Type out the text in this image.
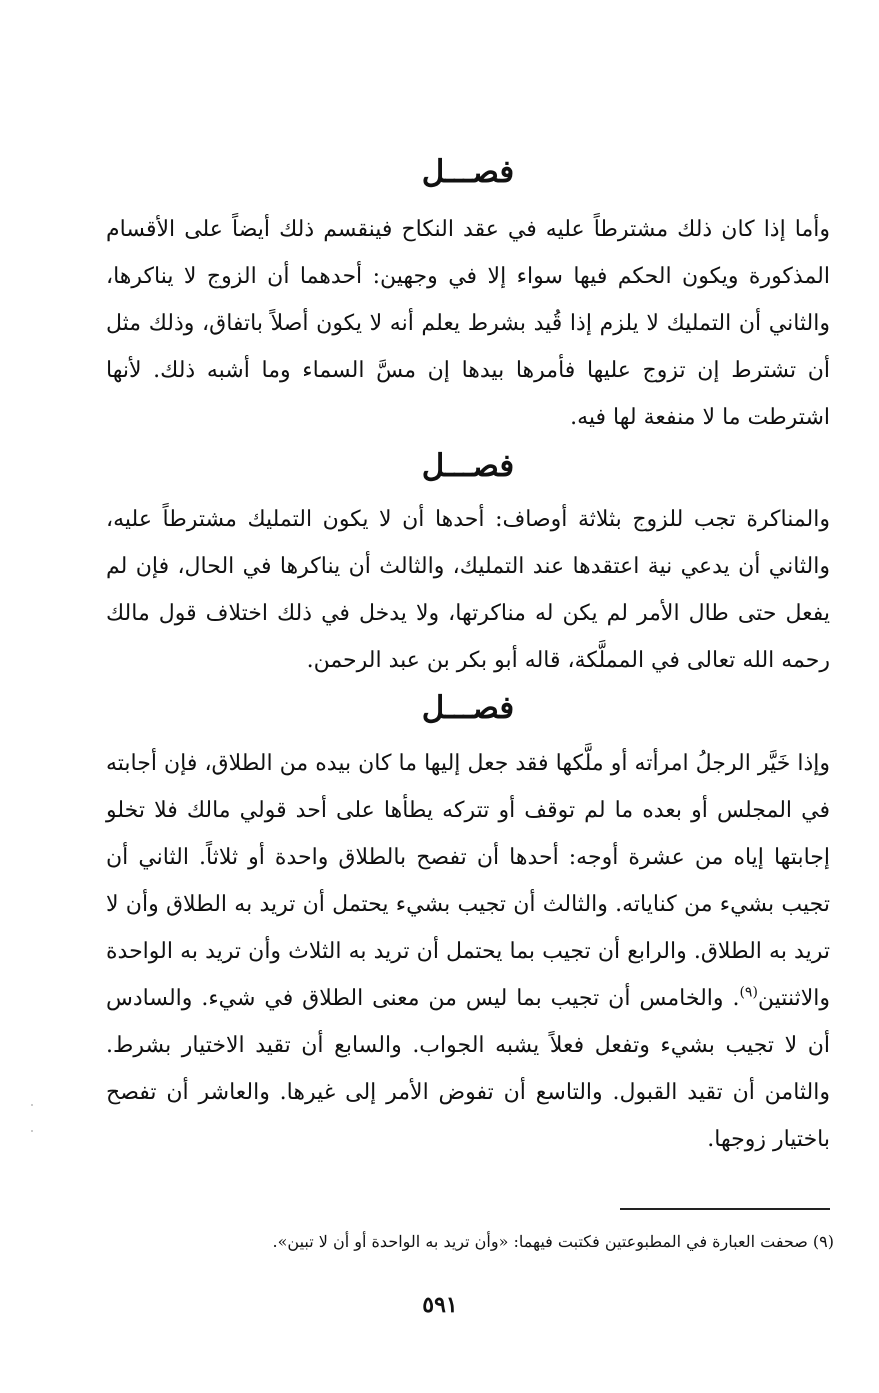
فصـــل

وأما إذا كان ذلك مشترطاً عليه في عقد النكاح فينقسم ذلك أيضاً على الأقسام المذكورة ويكون الحكم فيها سواء إلا في وجهين: أحدهما أن الزوج لا يناكرها، والثاني أن التمليك لا يلزم إذا قُيد بشرط يعلم أنه لا يكون أصلاً باتفاق، وذلك مثل أن تشترط إن تزوج عليها فأمرها بيدها إن مسَّ السماء وما أشبه ذلك. لأنها اشترطت ما لا منفعة لها فيه.

فصـــل

والمناكرة تجب للزوج بثلاثة أوصاف: أحدها أن لا يكون التمليك مشترطاً عليه، والثاني أن يدعي نية اعتقدها عند التمليك، والثالث أن يناكرها في الحال، فإن لم يفعل حتى طال الأمر لم يكن له مناكرتها، ولا يدخل في ذلك اختلاف قول مالك رحمه الله تعالى في المملَّكة، قاله أبو بكر بن عبد الرحمن.

فصـــل

وإذا خَيَّر الرجلُ امرأته أو ملَّكها فقد جعل إليها ما كان بيده من الطلاق، فإن أجابته في المجلس أو بعده ما لم توقف أو تتركه يطأها على أحد قولي مالك فلا تخلو إجابتها إياه من عشرة أوجه: أحدها أن تفصح بالطلاق واحدة أو ثلاثاً. الثاني أن تجيب بشيء من كناياته. والثالث أن تجيب بشيء يحتمل أن تريد به الطلاق وأن لا تريد به الطلاق. والرابع أن تجيب بما يحتمل أن تريد به الثلاث وأن تريد به الواحدة والاثنتين$^{(٩)}$. والخامس أن تجيب بما ليس من معنى الطلاق في شيء. والسادس أن لا تجيب بشيء وتفعل فعلاً يشبه الجواب. والسابع أن تقيد الاختيار بشرط. والثامن أن تقيد القبول. والتاسع أن تفوض الأمر إلى غيرها. والعاشر أن تفصح باختيار زوجها.

(٩) صحفت العبارة في المطبوعتين فكتبت فيهما: «وأن تريد به الواحدة أو أن لا تبين».

٥٩١
